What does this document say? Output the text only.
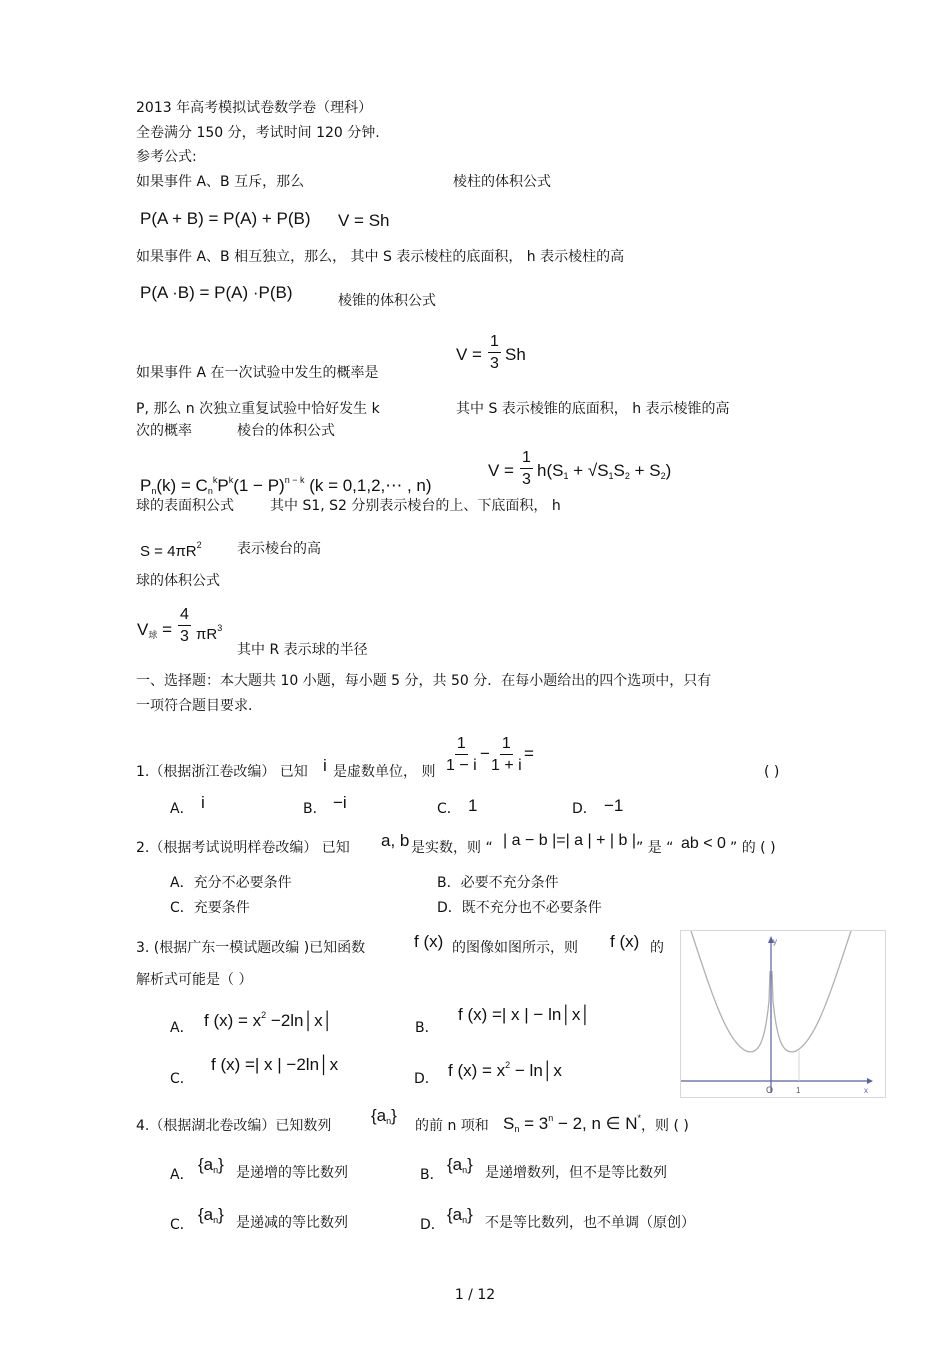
2013 年高考模拟试卷数学卷（理科）
全卷满分 150 分，考试时间 120 分钟.
参考公式:
如果事件 A、B 互斥，那么	棱柱的体积公式
P(A + B) = P(A) + P(B) V = Sh
如果事件 A、B 相互独立，那么， 其中 S 表示棱柱的底面积， h 表示棱柱的高
P(A ·B) = P(A) ·P(B)	棱锥的体积公式
$V = \frac{1}{3}$ Sh
如果事件 A 在一次试验中发生的概率是
P, 那么 n 次独立重复试验中恰好发生 k	其中 S 表示棱锥的底面积， h 表示棱锥的高
次的概率	棱台的体积公式
$P_n(k) = C_n^kP^k(1 - P)^{n - k}$ (k = 0,1,2,⋯ , n)
$V = \frac{1}{3} h(S_1 + √S_1S_2 + S_2)$
球的表面积公式	其中 S1, S2 分别表示棱台的上、下底面积， h
$S = 4\pi R^2$	表示棱台的高
球的体积公式
$V_球 = \frac{4}{3} \pi R^3$
其中 R 表示球的半径
一、选择题：本大题共 10 小题，每小题 5 分，共 50 分．在每小题给出的四个选项中，只有
一项符合题目要求.
$\frac{1}{1 - i} - \frac{1}{1 + i}$ =
1.（根据浙江卷改编） 已知 i 是虚数单位， 则	( )
A． i	B． −i	C． 1	D． −1
2.（根据考试说明样卷改编） 已知 a, b 是实数，则 “ | a − b |=| a | + | b | ” 是 “ ab < 0 ” 的 ( )
A．充分不必要条件	B．必要不充分条件
C．充要条件	D．既不充分也不必要条件
3. (根据广东一模试题改编 )已知函数	f (x) 的图像如图所示，则 f (x) 的
解析式可能是（ ）
A． f $(x) = x^2$ −2ln│x│	B．
f (x) =| x | − ln│x│
C．
f (x) =| x | −2ln│x
D． f $(x) = x^2$ − ln│x
y
x
O	1
4.（根据湖北卷改编）已知数列
$\{a_n\}$
的前 n 项和 $S_n = 3^n - 2$, n ∈ N* ，则 ( )
A．
$\{a_n\}$ 是递增的等比数列	B．
$\{a_n\}$ 是递增数列，但不是等比数列
C．
$\{a_n\}$ 是递减的等比数列	D．
$\{a_n\}$ 不是等比数列，也不单调（原创）
1 / 12
